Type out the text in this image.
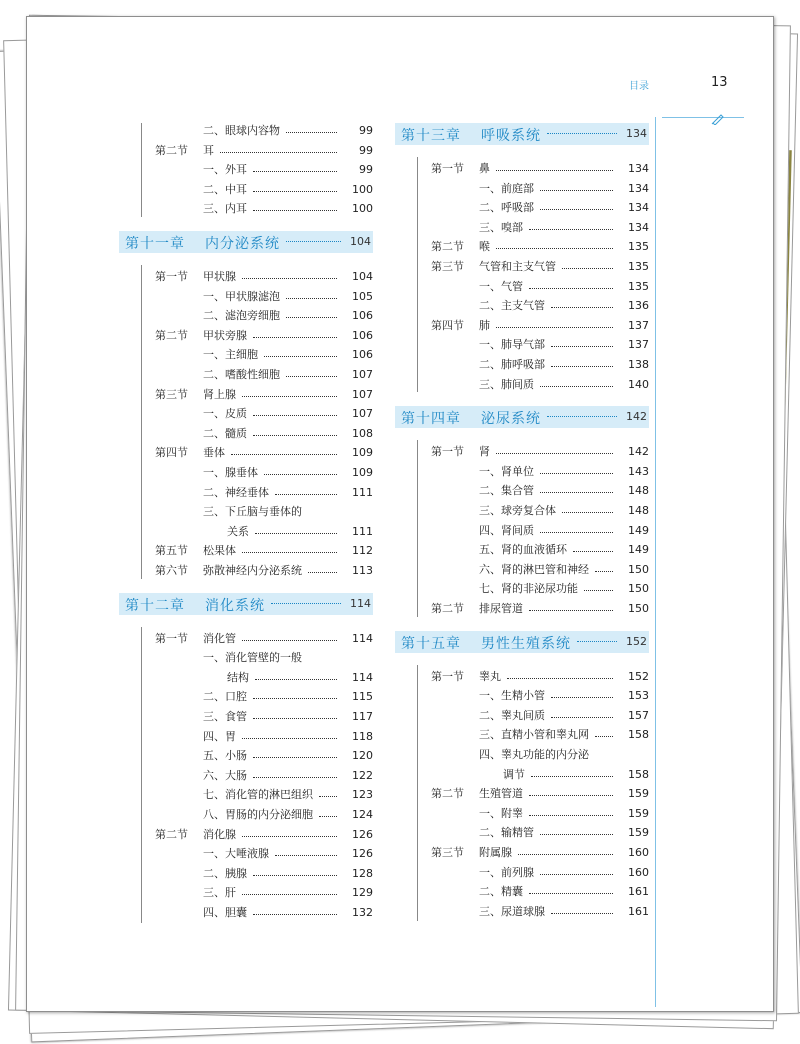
目录	13
二、眼球内容物	99
第二节 耳	99
一、外耳	99
二、中耳	100
三、内耳	100
第十一章 内分泌系统	104
第一节 甲状腺	104
一、甲状腺滤泡	105
二、滤泡旁细胞	106
第二节 甲状旁腺	106
一、主细胞	106
二、嗜酸性细胞	107
第三节 肾上腺	107
一、皮质	107
二、髓质	108
第四节 垂体	109
一、腺垂体	109
二、神经垂体	111
三、下丘脑与垂体的
关系	111
第五节 松果体	112
第六节 弥散神经内分泌系统	113
第十二章 消化系统	114
第一节 消化管	114
一、消化管壁的一般
结构	114
二、口腔	115
三、食管	117
四、胃	118
五、小肠	120
六、大肠	122
七、消化管的淋巴组织	123
八、胃肠的内分泌细胞	124
第二节 消化腺	126
一、大唾液腺	126
二、胰腺	128
三、肝	129
四、胆囊	132
第十三章 呼吸系统	134
第一节 鼻	134
一、前庭部	134
二、呼吸部	134
三、嗅部	134
第二节 喉	135
第三节 气管和主支气管	135
一、气管	135
二、主支气管	136
第四节 肺	137
一、肺导气部	137
二、肺呼吸部	138
三、肺间质	140
第十四章 泌尿系统	142
第一节 肾	142
一、肾单位	143
二、集合管	148
三、球旁复合体	148
四、肾间质	149
五、肾的血液循环	149
六、肾的淋巴管和神经	150
七、肾的非泌尿功能	150
第二节 排尿管道	150
第十五章 男性生殖系统	152
第一节 睾丸	152
一、生精小管	153
二、睾丸间质	157
三、直精小管和睾丸网	158
四、睾丸功能的内分泌
调节	158
第二节 生殖管道	159
一、附睾	159
二、输精管	159
第三节 附属腺	160
一、前列腺	160
二、精囊	161
三、尿道球腺	161
